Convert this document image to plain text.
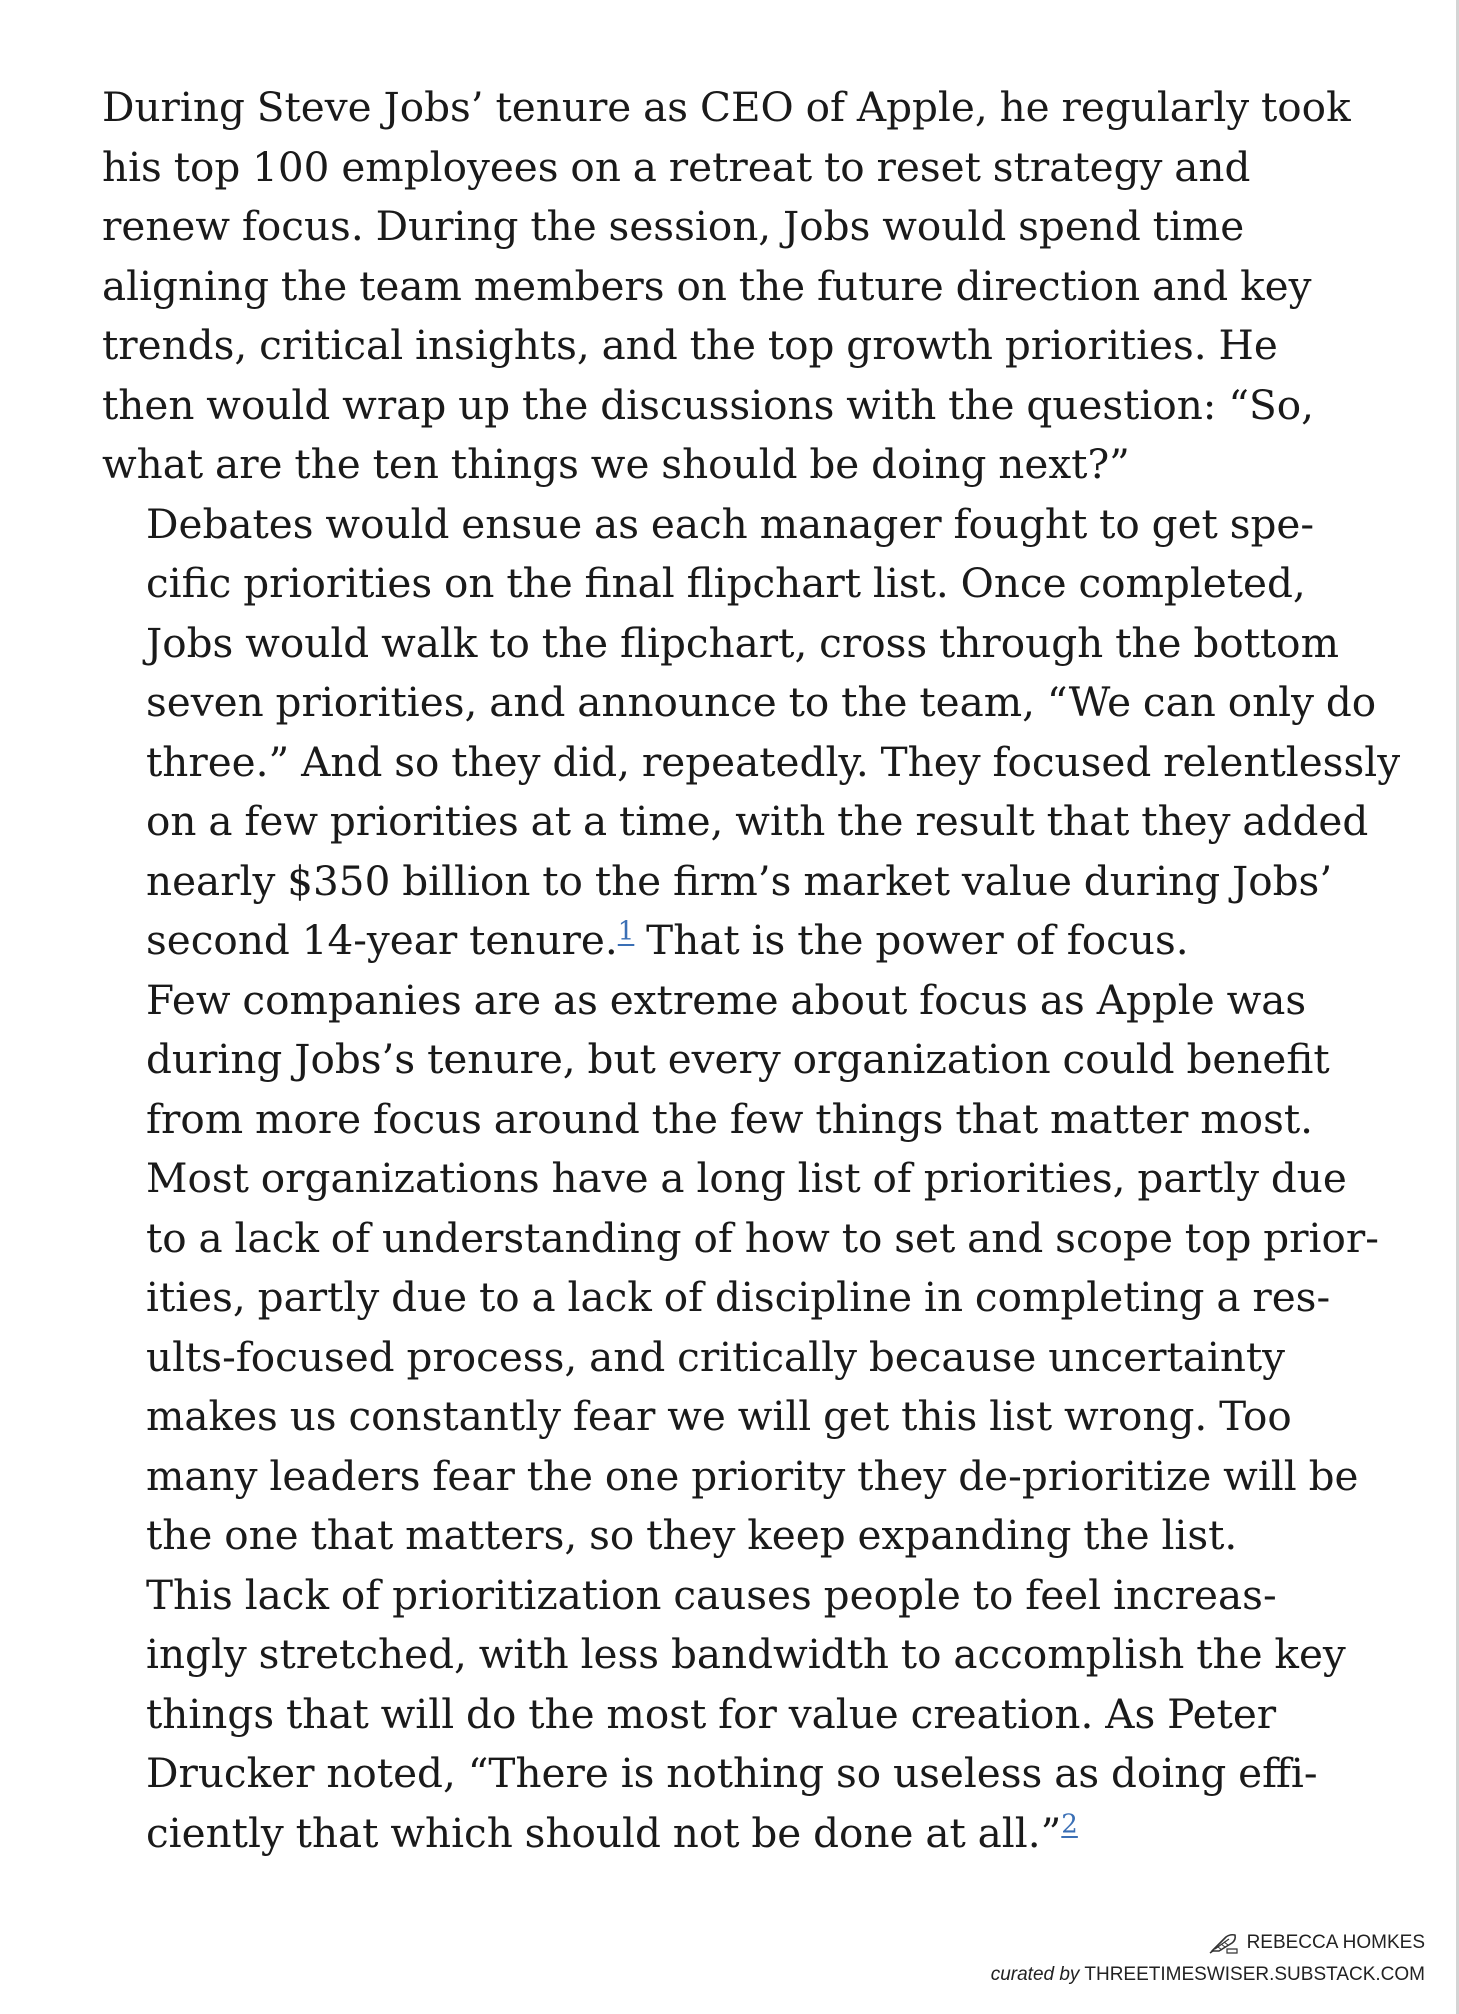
During Steve Jobs’ tenure as CEO of Apple, he regularly took
his top 100 employees on a retreat to reset strategy and
renew focus. During the session, Jobs would spend time
aligning the team members on the future direction and key
trends, critical insights, and the top growth priorities. He
then would wrap up the discussions with the question: “So,
what are the ten things we should be doing next?”

Debates would ensue as each manager fought to get spe-
cific priorities on the final flipchart list. Once completed,
Jobs would walk to the flipchart, cross through the bottom
seven priorities, and announce to the team, “We can only do
three.” And so they did, repeatedly. They focused relentlessly
on a few priorities at a time, with the result that they added
nearly $350 billion to the firm’s market value during Jobs’
second 14-year tenure.$^1$ That is the power of focus.

Few companies are as extreme about focus as Apple was
during Jobs’s tenure, but every organization could benefit
from more focus around the few things that matter most.
Most organizations have a long list of priorities, partly due
to a lack of understanding of how to set and scope top prior-
ities, partly due to a lack of discipline in completing a res-
ults-focused process, and critically because uncertainty
makes us constantly fear we will get this list wrong. Too
many leaders fear the one priority they de-prioritize will be
the one that matters, so they keep expanding the list.

This lack of prioritization causes people to feel increas-
ingly stretched, with less bandwidth to accomplish the key
things that will do the most for value creation. As Peter
Drucker noted, “There is nothing so useless as doing effi-
ciently that which should not be done at all.”$^2$

REBECCA HOMKES
curated by THREETIMESWISER.SUBSTACK.COM
